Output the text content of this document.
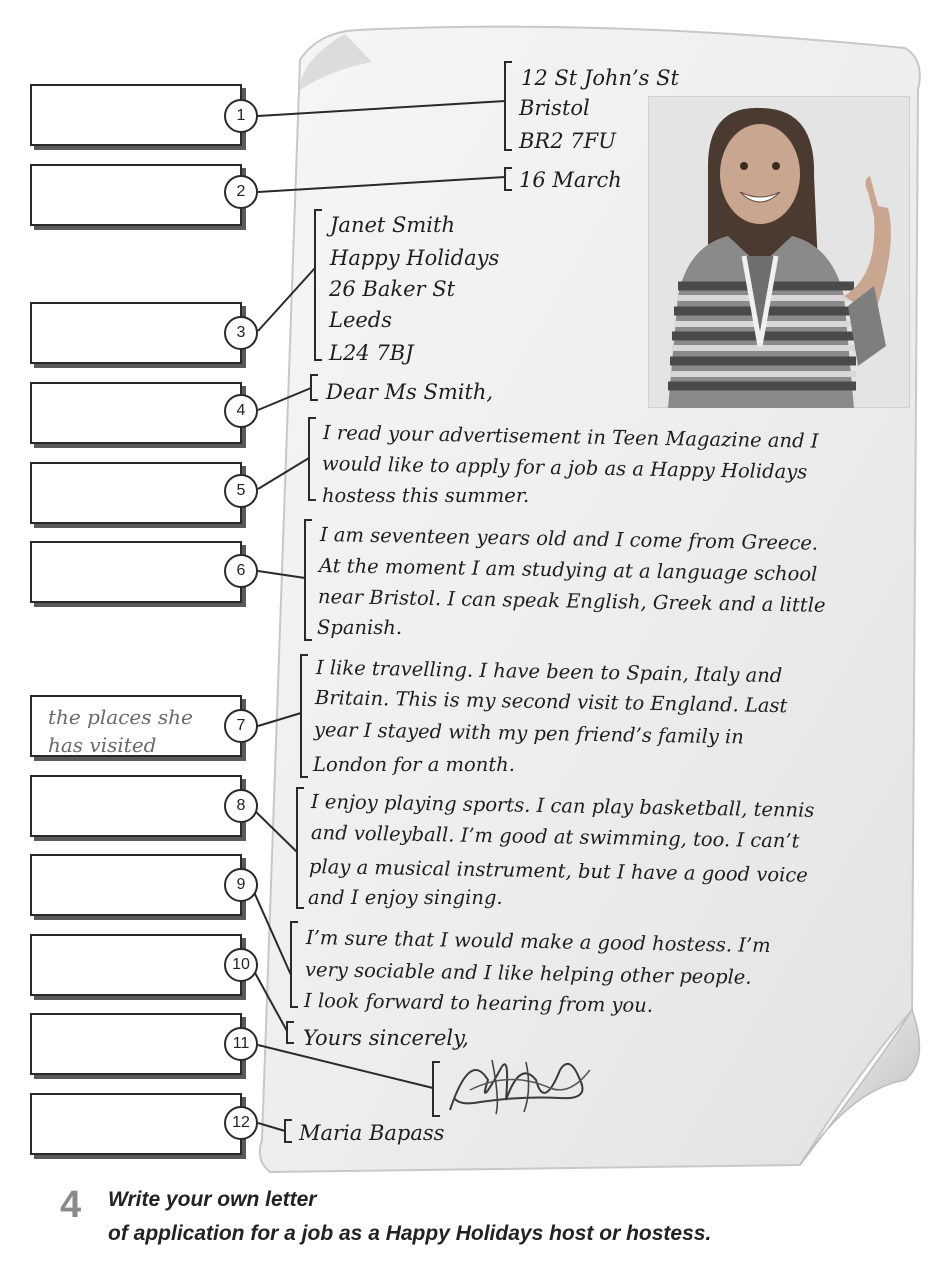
12 St John’s St
Bristol
BR2 7FU
16 March
Janet Smith
Happy Holidays
26 Baker St
Leeds
L24 7BJ
Dear Ms Smith,
I read your advertisement in Teen Magazine and I
would like to apply for a job as a Happy Holidays
hostess this summer.
I am seventeen years old and I come from Greece.
At the moment I am studying at a language school
near Bristol. I can speak English, Greek and a little
Spanish.
I like travelling. I have been to Spain, Italy and
Britain. This is my second visit to England. Last
year I stayed with my pen friend’s family in
London for a month.
I enjoy playing sports. I can play basketball, tennis
and volleyball. I’m good at swimming, too. I can’t
play a musical instrument, but I have a good voice
and I enjoy singing.
I’m sure that I would make a good hostess. I’m
very sociable and I like helping other people.
I look forward to hearing from you.
Yours sincerely,
Maria Bapass
the places she
has visited
1
2
3
4
5
6
7
8
9
10
11
12
4 Write your own letter
of application for a job as a Happy Holidays host or hostess.
